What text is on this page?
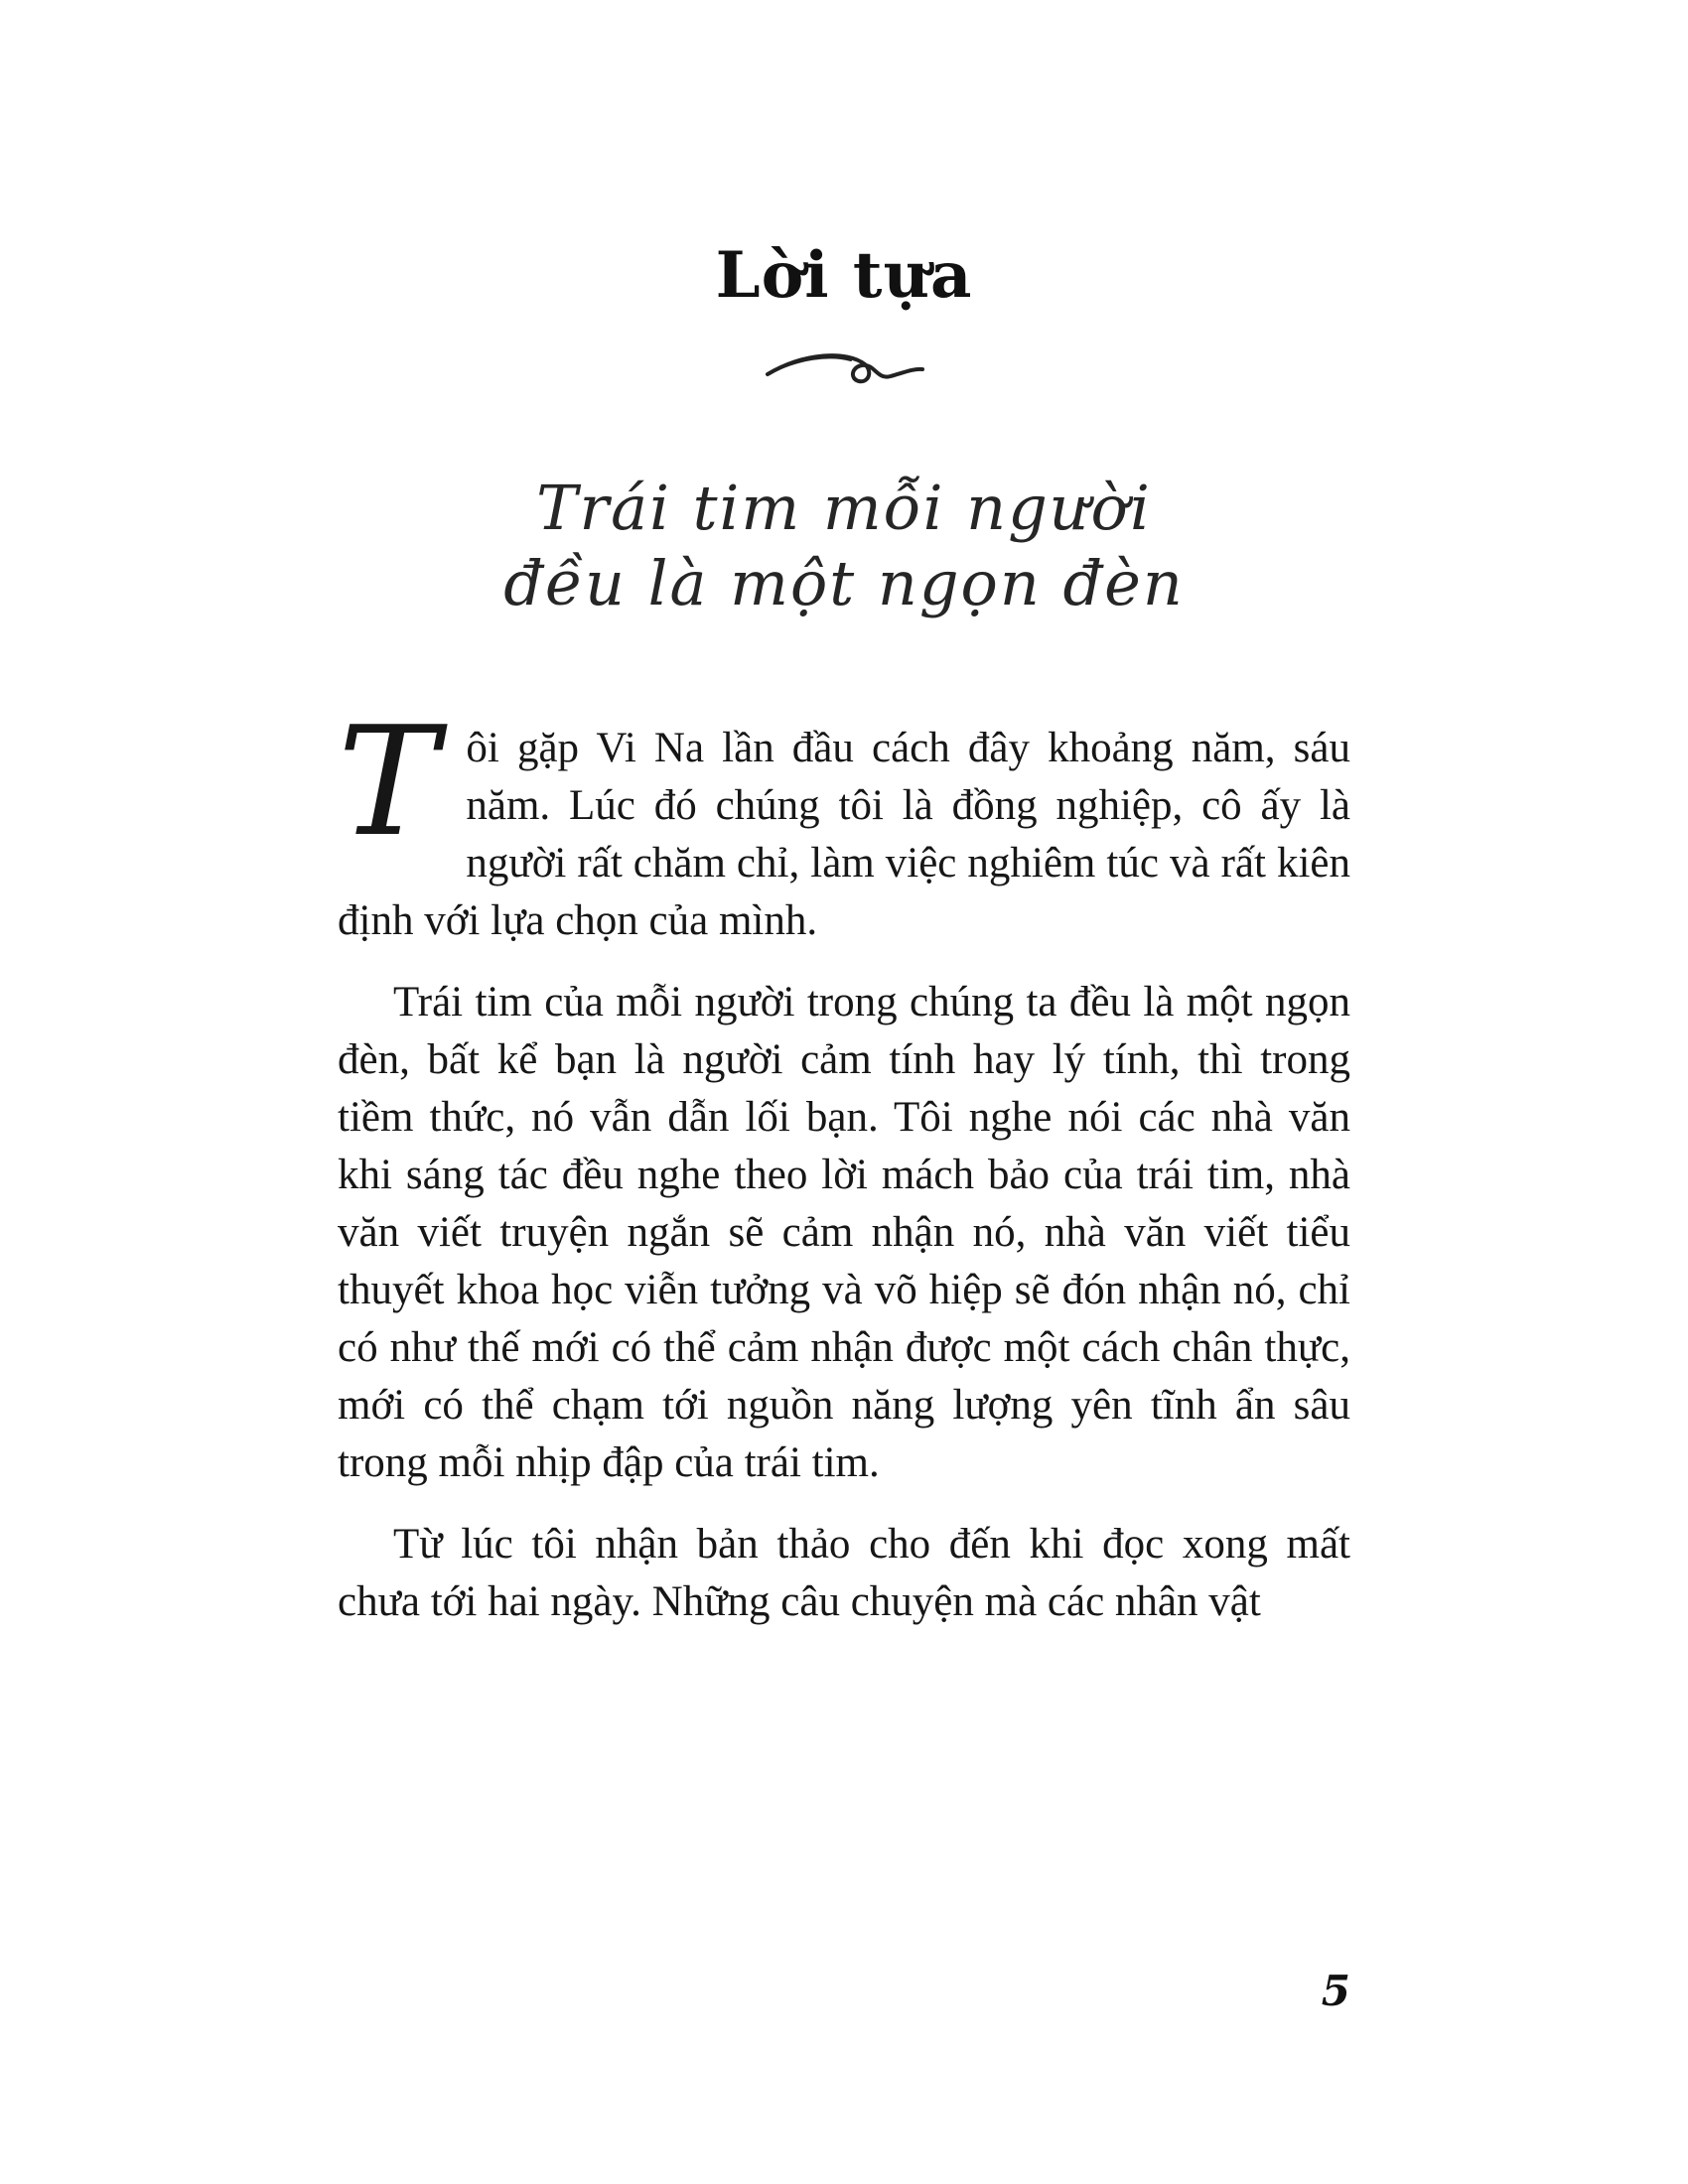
Lời tựa
Trái tim mỗi người
đều là một ngọn đèn

Tôi gặp Vi Na lần đầu cách đây khoảng năm, sáu năm. Lúc đó chúng tôi là đồng nghiệp, cô ấy là người rất chăm chỉ, làm việc nghiêm túc và rất kiên định với lựa chọn của mình.

Trái tim của mỗi người trong chúng ta đều là một ngọn đèn, bất kể bạn là người cảm tính hay lý tính, thì trong tiềm thức, nó vẫn dẫn lối bạn. Tôi nghe nói các nhà văn khi sáng tác đều nghe theo lời mách bảo của trái tim, nhà văn viết truyện ngắn sẽ cảm nhận nó, nhà văn viết tiểu thuyết khoa học viễn tưởng và võ hiệp sẽ đón nhận nó, chỉ có như thế mới có thể cảm nhận được một cách chân thực, mới có thể chạm tới nguồn năng lượng yên tĩnh ẩn sâu trong mỗi nhịp đập của trái tim.

Từ lúc tôi nhận bản thảo cho đến khi đọc xong mất chưa tới hai ngày. Những câu chuyện mà các nhân vật

5
